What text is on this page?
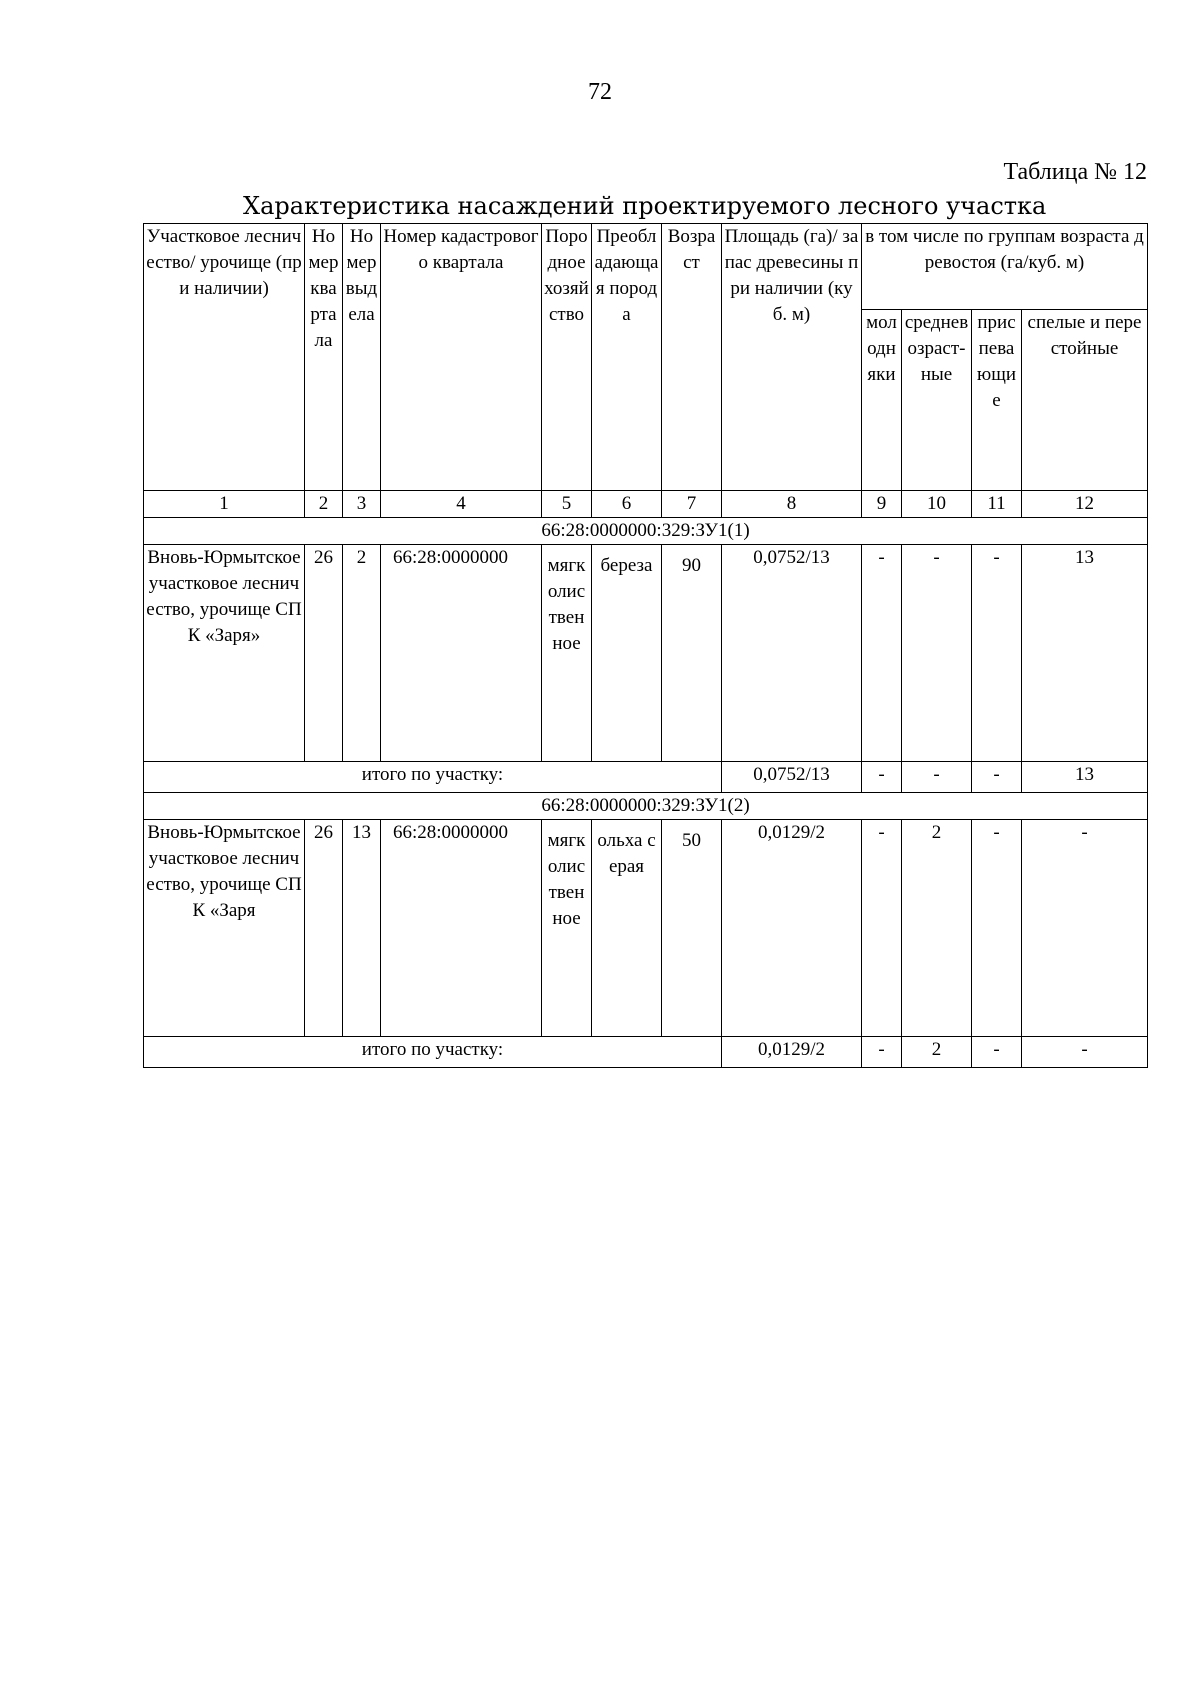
72
Таблица № 12
Характеристика насаждений проектируемого лесного участка
Участковое лесничество/ урочище (при наличии)	Номер квартала	Номер выдела	Номер кадастрового квартала	Породное хозяйство	Преобладающая порода	Возраст	Площадь (га)/ запас древесины при наличии (куб. м)	в том числе по группам возраста древостоя (га/куб. м)			
								молодняки	средневозраст-ные	приспевающие	спелые и перестойные
1	2	3	4	5	6	7	8	9	10	11	12
66:28:0000000:329:ЗУ1(1)											
Вновь-Юрмытское участковое лесничество, урочище СПК «Заря»	26	2	66:28:0000000	мягколиственное	береза	90	0,0752/13	-	-	-	13
итого по участку:							0,0752/13	-	-	-	13
66:28:0000000:329:ЗУ1(2)											
Вновь-Юрмытское участковое лесничество, урочище СПК «Заря	26	13	66:28:0000000	мягколиственное	ольха серая	50	0,0129/2	-	2	-	-
итого по участку:							0,0129/2	-	2	-	-
